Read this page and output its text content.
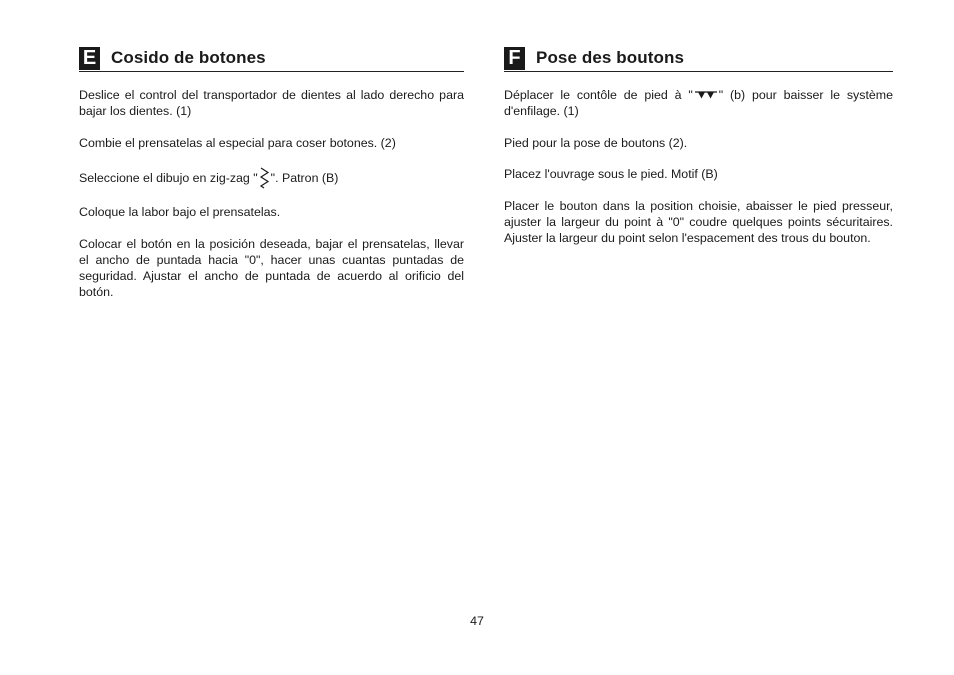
E Cosido de botones

Deslice el control del transportador de dientes al lado derecho para bajar los dientes. (1)

Combie el prensatelas al especial para coser botones. (2)

Seleccione el dibujo en zig-zag " ". Patron (B)

Coloque la labor bajo el prensatelas.

Colocar el botón en la posición deseada, bajar el prensatelas, llevar el ancho de puntada hacia "0", hacer unas cuantas puntadas de seguridad. Ajustar el ancho de puntada de acuerdo al orificio del botón.

F Pose des boutons

Déplacer le contôle de pied à " " (b) pour baisser le système d'enfilage. (1)

Pied pour la pose de boutons (2).

Placez l'ouvrage sous le pied. Motif (B)

Placer le bouton dans la position choisie, abaisser le pied presseur, ajuster la largeur du point à "0" coudre quelques points sécuritaires. Ajuster la largeur du point selon l'espacement des trous du bouton.

47
